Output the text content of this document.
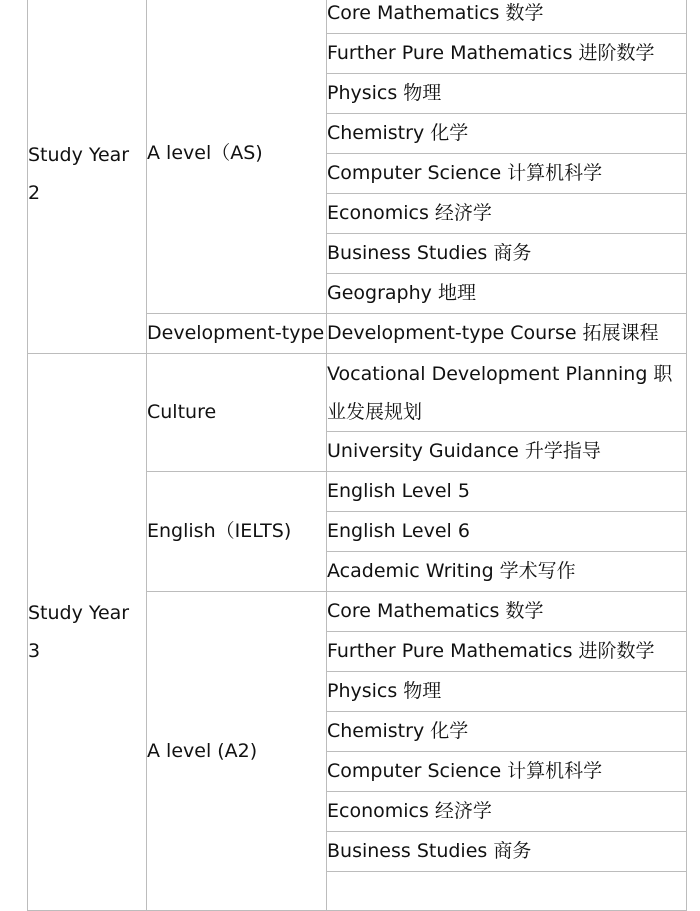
Study Year 2	A level（AS)	Core Mathematics 数学
		Further Pure Mathematics 进阶数学
		Physics 物理
		Chemistry 化学
		Computer Science 计算机科学
		Economics 经济学
		Business Studies 商务
		Geography 地理
	Development-type	Development-type Course 拓展课程
Study Year 3	Culture	Vocational Development Planning 职业发展规划
		University Guidance 升学指导
	English（IELTS)	English Level 5
		English Level 6
		Academic Writing 学术写作
	A level (A2)	Core Mathematics 数学
		Further Pure Mathematics 进阶数学
		Physics 物理
		Chemistry 化学
		Computer Science 计算机科学
		Economics 经济学
		Business Studies 商务
